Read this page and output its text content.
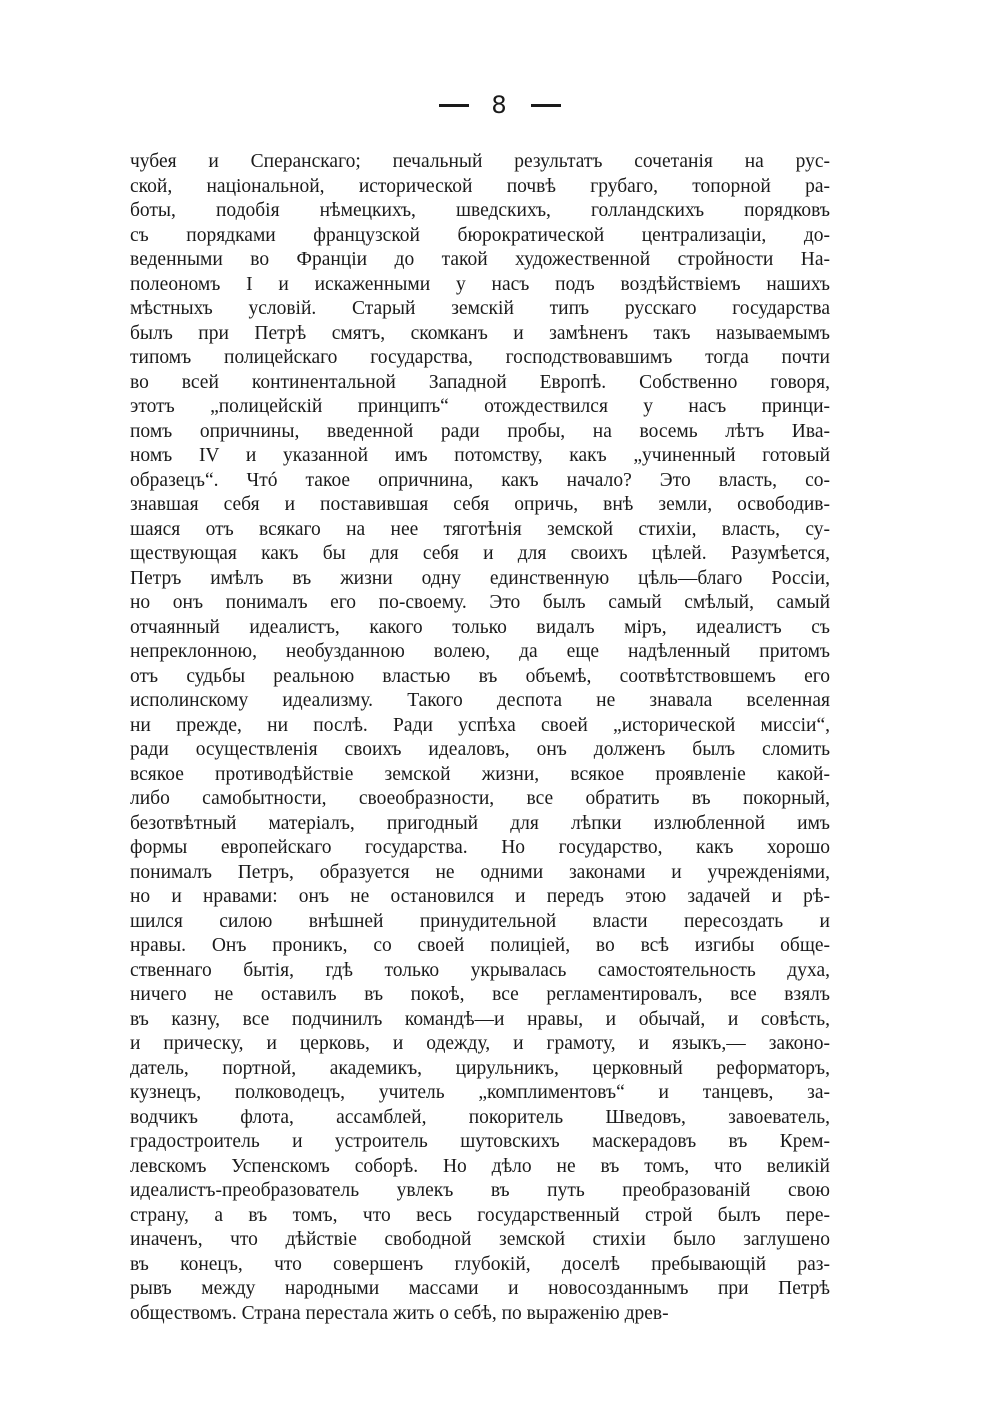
8
чубея и Сперанскаго; печальный результатъ сочетанія на рус-
ской, національной, исторической почвѣ грубаго, топорной ра-
боты, подобія нѣмецкихъ, шведскихъ, голландскихъ порядковъ
съ порядками французской бюрократической централизаціи, до-
веденными во Франціи до такой художественной стройности На-
полеономъ I и искаженными у насъ подъ воздѣйствіемъ нашихъ
мѣстныхъ условій. Старый земскій типъ русскаго государства
былъ при Петрѣ смятъ, скомканъ и замѣненъ такъ называемымъ
типомъ полицейскаго государства, господствовавшимъ тогда почти
во всей континентальной Западной Европѣ. Собственно говоря,
этотъ „полицейскій принципъ“ отождествился у насъ принци-
помъ опричнины, введенной ради пробы, на восемь лѣтъ Ива-
номъ IV и указанной имъ потомству, какъ „учиненный готовый
образецъ“. Чтó такое опричнина, какъ начало? Это власть, со-
знавшая себя и поставившая себя опричь, внѣ земли, освободив-
шаяся отъ всякаго на нее тяготѣнія земской стихіи, власть, су-
ществующая какъ бы для себя и для своихъ цѣлей. Разумѣется,
Петръ имѣлъ въ жизни одну единственную цѣль—благо Россіи,
но онъ понималъ его по-своему. Это былъ самый смѣлый, самый
отчаянный идеалистъ, какого только видалъ міръ, идеалистъ съ
непреклонною, необузданною волею, да еще надѣленный притомъ
отъ судьбы реальною властью въ объемѣ, соотвѣтствовшемъ его
исполинскому идеализму. Такого деспота не знавала вселенная
ни прежде, ни послѣ. Ради успѣха своей „исторической миссіи“,
ради осуществленія своихъ идеаловъ, онъ долженъ былъ сломить
всякое противодѣйствіе земской жизни, всякое проявленіе какой-
либо самобытности, своеобразности, все обратить въ покорный,
безотвѣтный матеріалъ, пригодный для лѣпки излюбленной имъ
формы европейскаго государства. Но государство, какъ хорошо
понималъ Петръ, образуется не одними законами и учрежденіями,
но и нравами: онъ не остановился и передъ этою задачей и рѣ-
шился силою внѣшней принудительной власти пересоздать и
нравы. Онъ проникъ, со своей полиціей, во всѣ изгибы обще-
ственнаго бытія, гдѣ только укрывалась самостоятельность духа,
ничего не оставилъ въ покоѣ, все регламентировалъ, все взялъ
въ казну, все подчинилъ командѣ—и нравы, и обычай, и совѣсть,
и прическу, и церковь, и одежду, и грамоту, и языкъ,— законо-
датель, портной, академикъ, цирульникъ, церковный реформаторъ,
кузнецъ, полководецъ, учитель „комплиментовъ“ и танцевъ, за-
водчикъ флота, ассамблей, покоритель Шведовъ, завоеватель,
градостроитель и устроитель шутовскихъ маскерадовъ въ Крем-
левскомъ Успенскомъ соборѣ. Но дѣло не въ томъ, что великій
идеалистъ-преобразователь увлекъ въ путь преобразованій свою
страну, а въ томъ, что весь государственный строй былъ пере-
иначенъ, что дѣйствіе свободной земской стихіи было заглушено
въ конецъ, что совершенъ глубокій, доселѣ пребывающій раз-
рывъ между народными массами и новосозданнымъ при Петрѣ
обществомъ. Страна перестала жить о себѣ, по выраженію древ-
